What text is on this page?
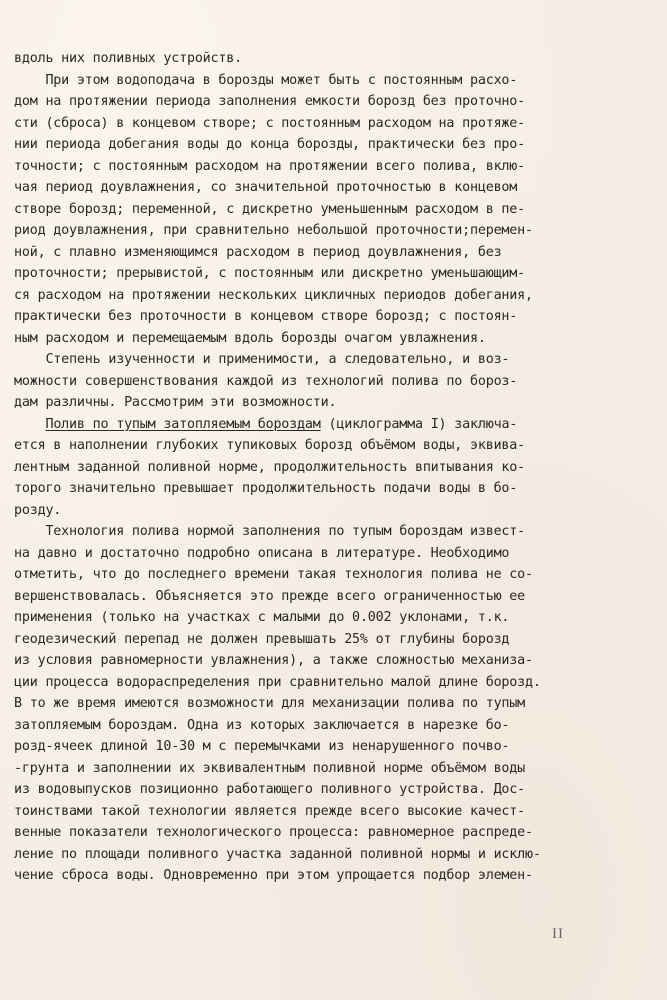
вдоль них поливных устройств.
При этом водоподача в борозды может быть с постоянным расхо-
дом на протяжении периода заполнения емкости борозд без проточно-
сти (сброса) в концевом створе; с постоянным расходом на протяже-
нии периода добегания воды до конца борозды, практически без про-
точности; с постоянным расходом на протяжении всего полива, вклю-
чая период доувлажнения, со значительной проточностью в концевом
створе борозд; переменной, с дискретно уменьшенным расходом в пе-
риод доувлажнения, при сравнительно небольшой проточности;перемен-
ной, с плавно изменяющимся расходом в период доувлажнения, без
проточности; прерывистой, с постоянным или дискретно уменьшающим-
ся расходом на протяжении нескольких цикличных периодов добегания,
практически без проточности в концевом створе борозд; с постоян-
ным расходом и перемещаемым вдоль борозды очагом увлажнения.
Степень изученности и применимости, а следовательно, и воз-
можности совершенствования каждой из технологий полива по бороз-
дам различны. Рассмотрим эти возможности.
Полив по тупым затопляемым бороздам (циклограмма I) заключа-
ется в наполнении глубоких тупиковых борозд объёмом воды, эквива-
лентным заданной поливной норме, продолжительность впитывания ко-
торого значительно превышает продолжительность подачи воды в бо-
розду.
Технология полива нормой заполнения по тупым бороздам извест-
на давно и достаточно подробно описана в литературе. Необходимо
отметить, что до последнего времени такая технология полива не со-
вершенствовалась. Объясняется это прежде всего ограниченностью ее
применения (только на участках с малыми до 0.002 уклонами, т.к.
геодезический перепад не должен превышать 25% от глубины борозд
из условия равномерности увлажнения), а также сложностью механиза-
ции процесса водораспределения при сравнительно малой длине борозд.
В то же время имеются возможности для механизации полива по тупым
затопляемым бороздам. Одна из которых заключается в нарезке бо-
розд-ячеек длиной 10-30 м с перемычками из ненарушенного почво-
-грунта и заполнении их эквивалентным поливной норме объёмом воды
из водовыпусков позиционно работающего поливного устройства. Дос-
тоинствами такой технологии является прежде всего высокие качест-
венные показатели технологического процесса: равномерное распреде-
ление по площади поливного участка заданной поливной нормы и исклю-
чение сброса воды. Одновременно при этом упрощается подбор элемен-
II
